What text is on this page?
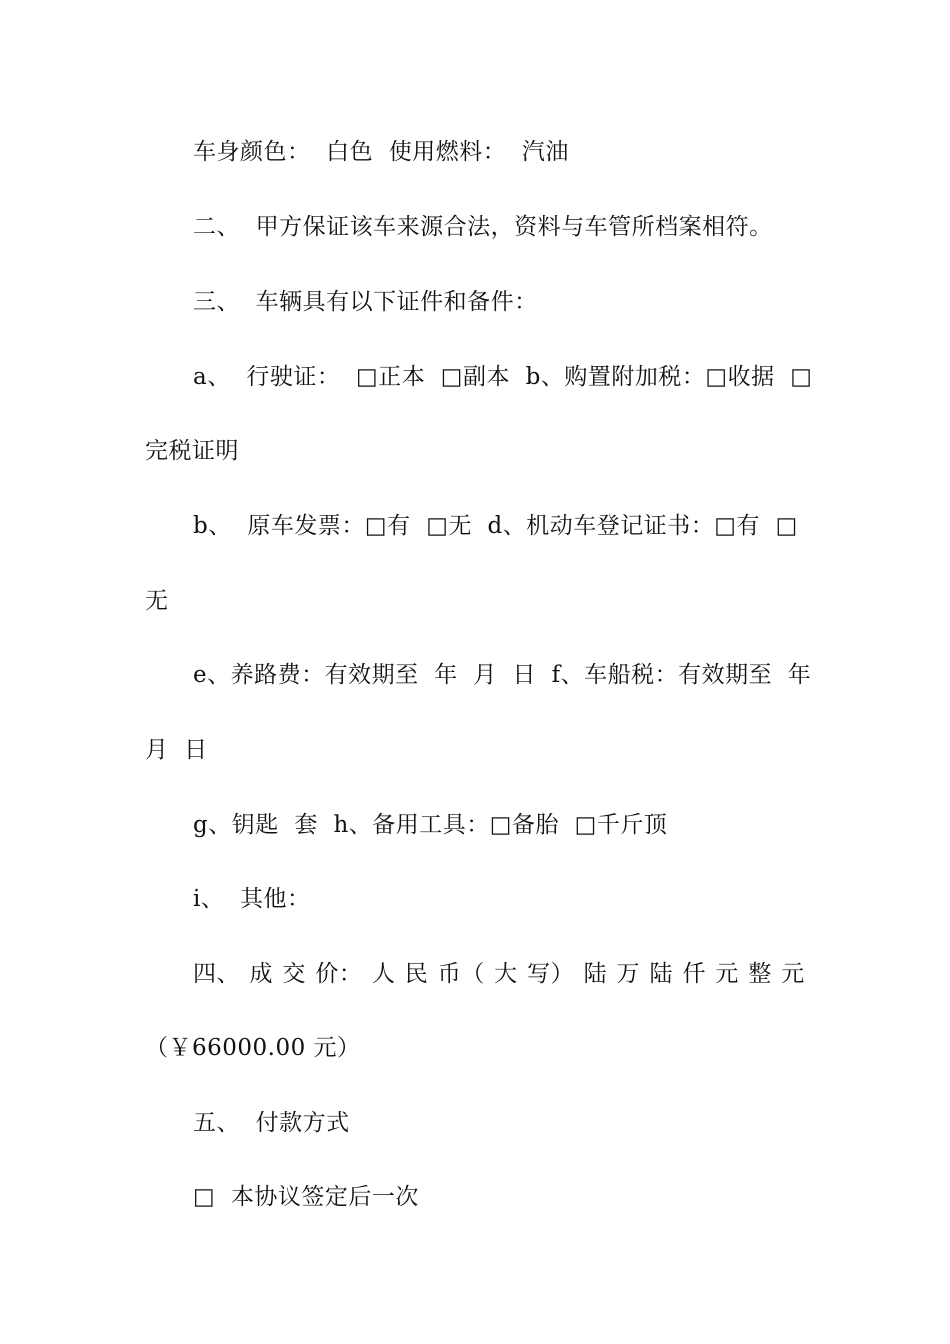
车身颜色：  白色  使用燃料：  汽油
二、  甲方保证该车来源合法，资料与车管所档案相符。
三、  车辆具有以下证件和备件：
a、  行驶证：  □正本  □副本  b、购置附加税：□收据  □
完税证明
b、  原车发票：□有  □无  d、机动车登记证书：□有  □
无
e、养路费：有效期至  年  月  日  f、车船税：有效期至  年
月  日
g、钥匙  套  h、备用工具：□备胎  □千斤顶
i、  其他：
四、 成 交 价： 人 民 币（ 大 写） 陆 万 陆 仟 元 整 元
（￥66000.00 元）
五、  付款方式
□  本协议签定后一次
